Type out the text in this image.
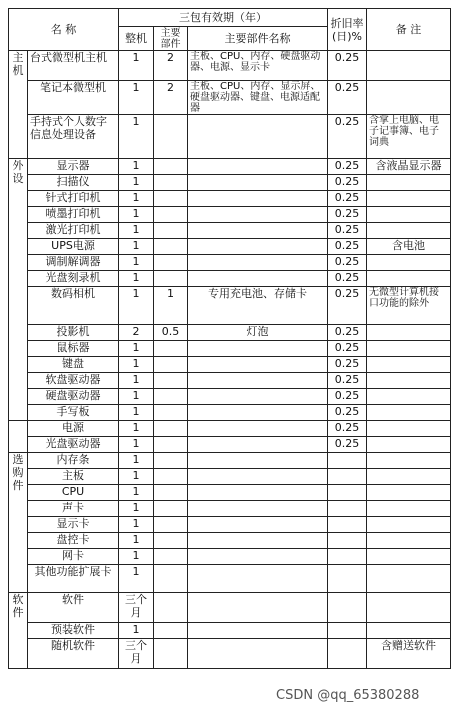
名 称		三包有效期（年）			折旧率(日)%	备 注
		整机	主要部件	主要部件名称		
主机	台式微型机主机	1	2	主板、CPU、内存、硬盘驱动器、电源、显示卡	0.25	
	笔记本微型机	1	2	主板、CPU、内存、显示屏、硬盘驱动器、键盘、电源适配器	0.25	
	手持式个人数字信息处理设备	1			0.25	含掌上电脑、电子记事簿、电子词典
外设	显示器	1			0.25	含液晶显示器
	扫描仪	1			0.25	
	针式打印机	1			0.25	
	喷墨打印机	1			0.25	
	激光打印机	1			0.25	
	UPS电源	1			0.25	含电池
	调制解调器	1			0.25	
	光盘刻录机	1			0.25	
	数码相机	1	1	专用充电池、存储卡	0.25	无微型计算机接口功能的除外
	投影机	2	0.5	灯泡	0.25	
	鼠标器	1			0.25	
	键盘	1			0.25	
	软盘驱动器	1			0.25	
	硬盘驱动器	1			0.25	
	手写板	1			0.25	
	电源	1			0.25	
	光盘驱动器	1			0.25	
选购件	内存条	1				
	主板	1				
	CPU	1				
	声卡	1				
	显示卡	1				
	盘控卡	1				
	网卡	1				
	其他功能扩展卡	1				
软件	软件	三个月				
	预装软件	1				
	随机软件	三个月				含赠送软件
CSDN @qq_65380288
